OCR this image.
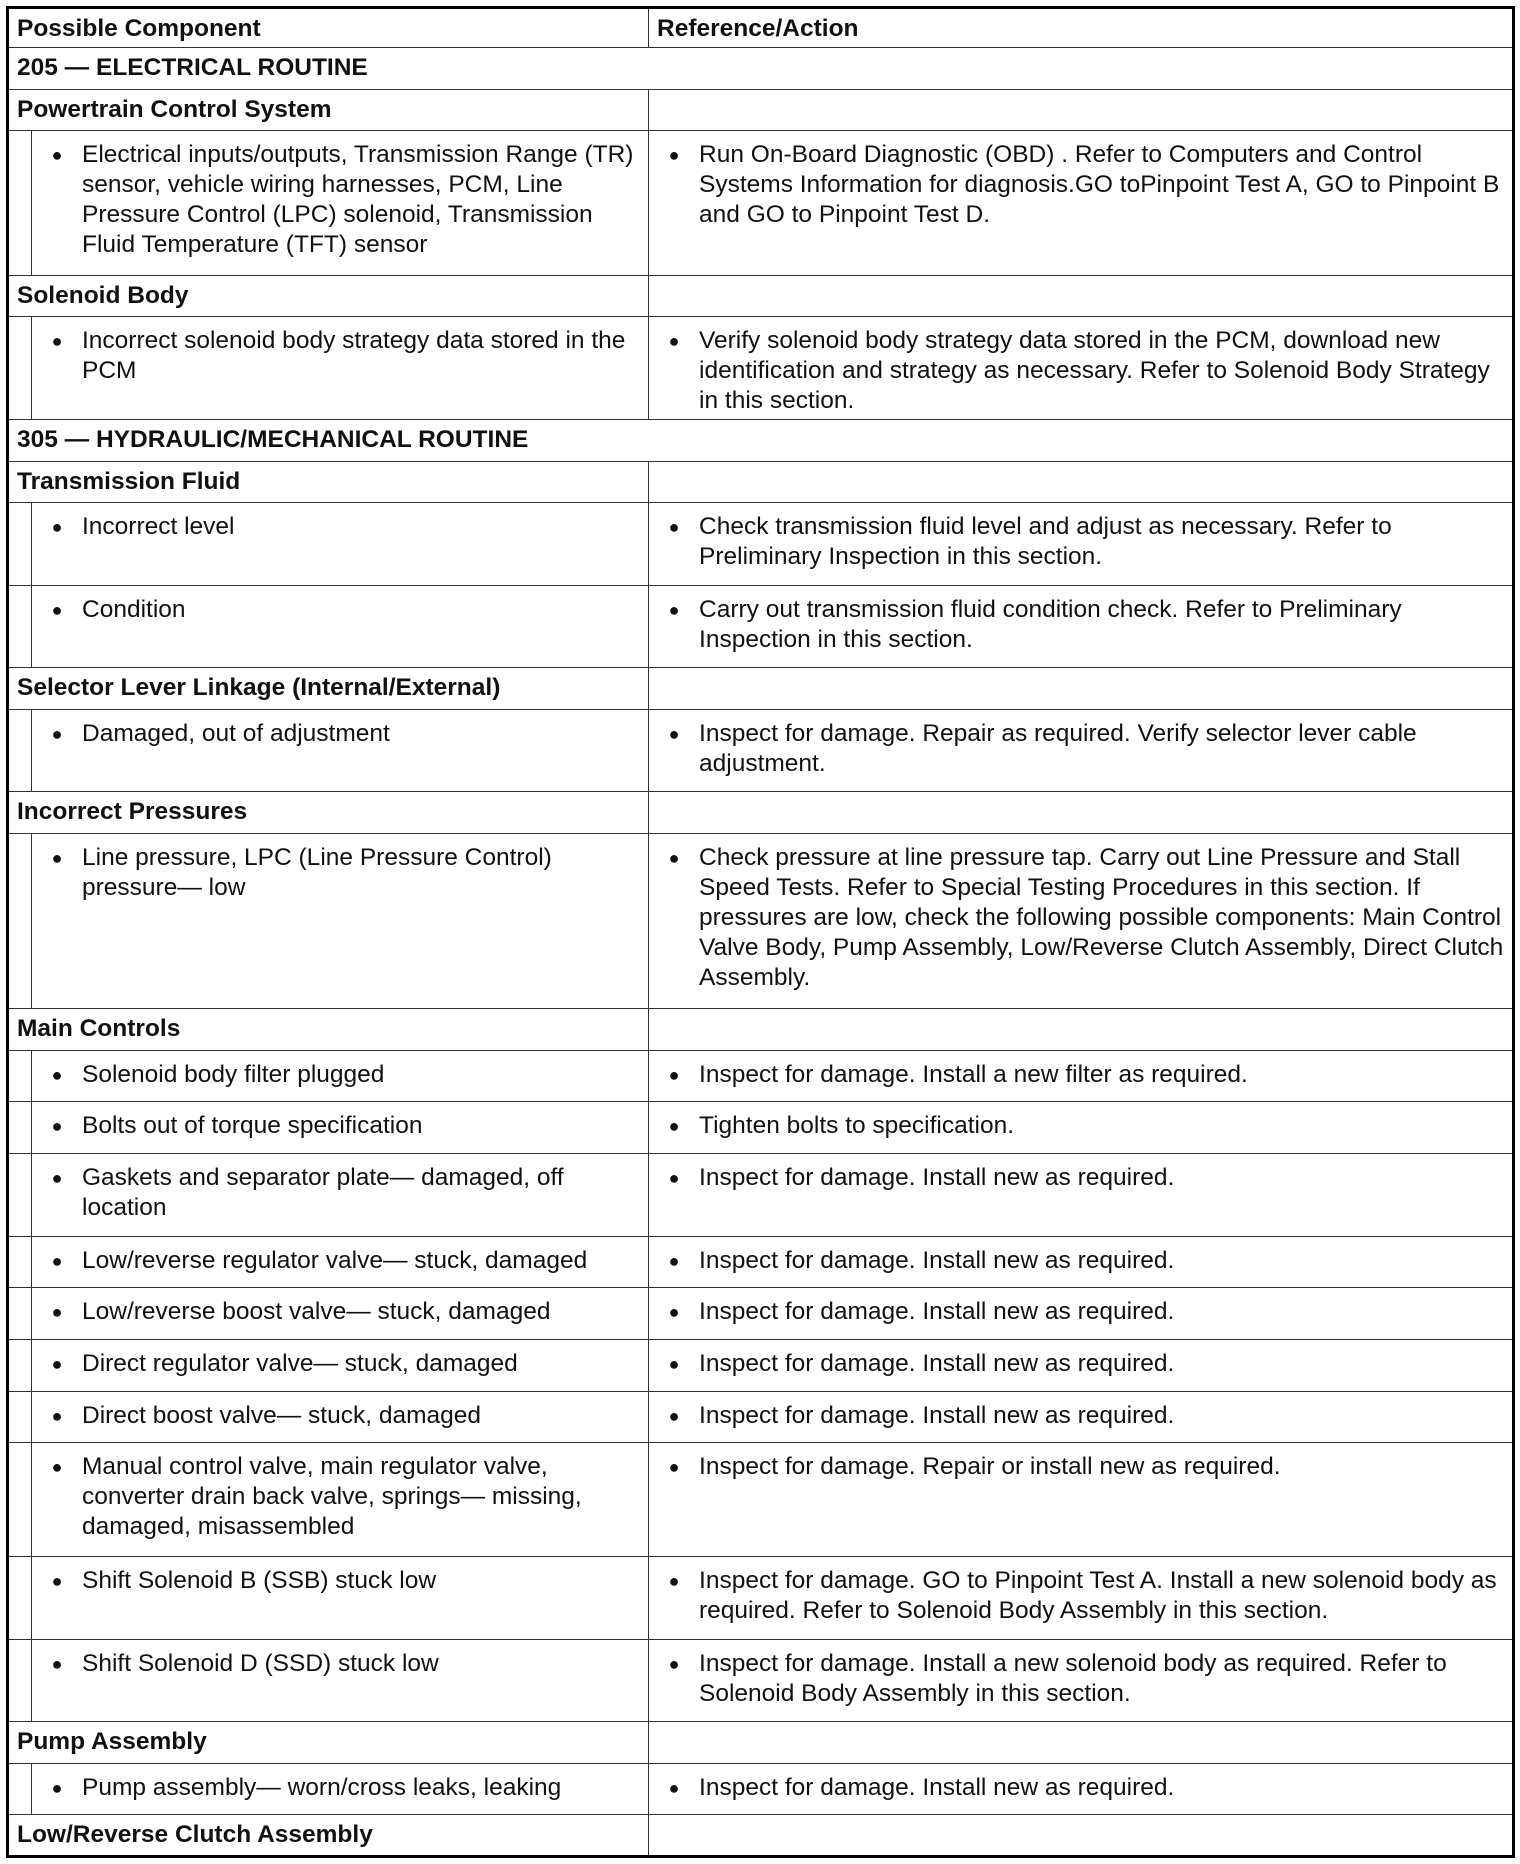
Possible Component		Reference/Action
205 — ELECTRICAL ROUTINE		
Powertrain Control System		

	● Electrical inputs/outputs, Transmission Range (TR) sensor, vehicle wiring harnesses, PCM, Line Pressure Control (LPC) solenoid, Transmission Fluid Temperature (TFT) sensor	● Run On-Board Diagnostic (OBD) . Refer to Computers and Control Systems Information for diagnosis.GO toPinpoint Test A, GO to Pinpoint B and GO to Pinpoint Test D.

Solenoid Body		

	● Incorrect solenoid body strategy data stored in the PCM	● Verify solenoid body strategy data stored in the PCM, download new identification and strategy as necessary. Refer to Solenoid Body Strategy in this section.

305 — HYDRAULIC/MECHANICAL ROUTINE		
Transmission Fluid		

	● Incorrect level	● Check transmission fluid level and adjust as necessary. Refer to Preliminary Inspection in this section.

	● Condition	● Carry out transmission fluid condition check. Refer to Preliminary Inspection in this section.

Selector Lever Linkage (Internal/External)		

	● Damaged, out of adjustment	● Inspect for damage. Repair as required. Verify selector lever cable adjustment.

Incorrect Pressures		

	● Line pressure, LPC (Line Pressure Control) pressure— low	● Check pressure at line pressure tap. Carry out Line Pressure and Stall Speed Tests. Refer to Special Testing Procedures in this section. If pressures are low, check the following possible components: Main Control Valve Body, Pump Assembly, Low/Reverse Clutch Assembly, Direct Clutch Assembly.

Main Controls		

	● Solenoid body filter plugged	● Inspect for damage. Install a new filter as required.

	● Bolts out of torque specification	● Tighten bolts to specification.

	● Gaskets and separator plate— damaged, off location	● Inspect for damage. Install new as required.

	● Low/reverse regulator valve— stuck, damaged	● Inspect for damage. Install new as required.

	● Low/reverse boost valve— stuck, damaged	● Inspect for damage. Install new as required.

	● Direct regulator valve— stuck, damaged	● Inspect for damage. Install new as required.

	● Direct boost valve— stuck, damaged	● Inspect for damage. Install new as required.

	● Manual control valve, main regulator valve, converter drain back valve, springs— missing, damaged, misassembled	● Inspect for damage. Repair or install new as required.

	● Shift Solenoid B (SSB) stuck low	● Inspect for damage. GO to Pinpoint Test A. Install a new solenoid body as required. Refer to Solenoid Body Assembly in this section.

	● Shift Solenoid D (SSD) stuck low	● Inspect for damage. Install a new solenoid body as required. Refer to Solenoid Body Assembly in this section.

Pump Assembly		

	● Pump assembly— worn/cross leaks, leaking	● Inspect for damage. Install new as required.

Low/Reverse Clutch Assembly		
